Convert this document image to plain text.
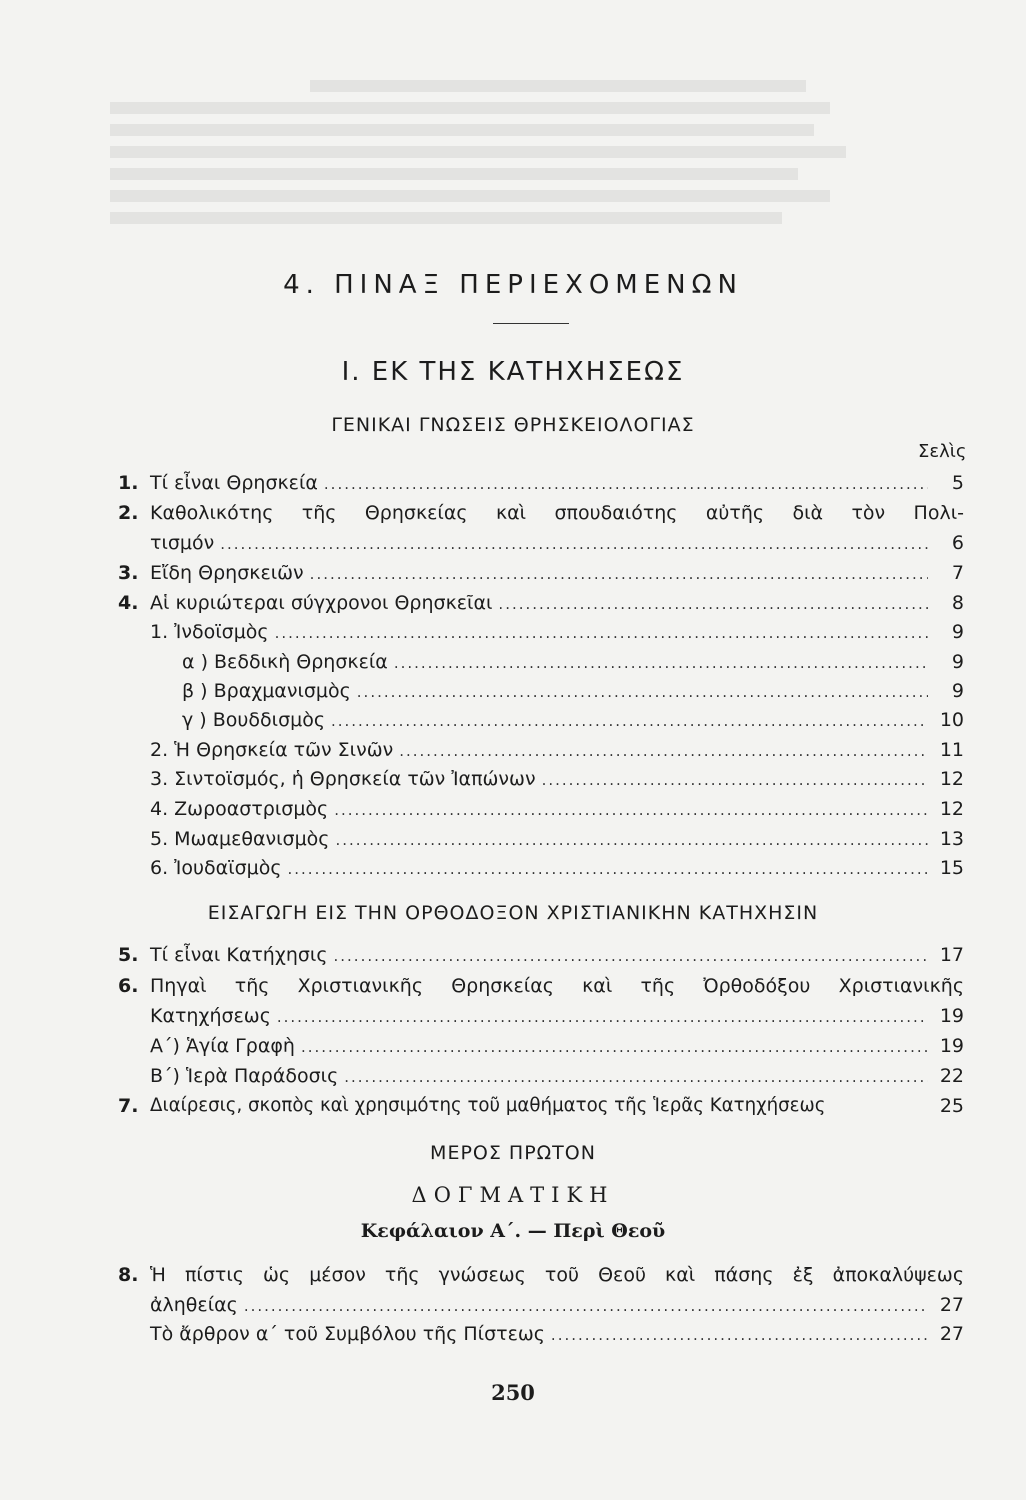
4. ΠΙΝΑΞ ΠΕΡΙΕΧΟΜΕΝΩΝ
Ι. ΕΚ ΤΗΣ ΚΑΤΗΧΗΣΕΩΣ
ΓΕΝΙΚΑΙ ΓΝΩΣΕΙΣ ΘΡΗΣΚΕΙΟΛΟΓΙΑΣ
Σελὶς
1. Τί εἶναι Θρησκεία .....	5
2. Καθολικότης τῆς Θρησκείας καὶ σπουδαιότης αὐτῆς διὰ τὸν Πολι-
τισμόν .....	6
3. Εἴδη Θρησκειῶν .....	7
4. Αἱ κυριώτεραι σύγχρονοι Θρησκεῖαι .....	8
1. Ἰνδοϊσμὸς .....	9
α ) Βεδδικὴ Θρησκεία .....	9
β ) Βραχμανισμὸς .....	9
γ ) Βουδδισμὸς .....	10
2. Ἡ Θρησκεία τῶν Σινῶν .....	11
3. Σιντοϊσμός, ἡ Θρησκεία τῶν Ἰαπώνων .....	12
4. Ζωροαστρισμὸς .....	12
5. Μωαμεθανισμὸς .....	13
6. Ἰουδαϊσμὸς .....	15
ΕΙΣΑΓΩΓΗ ΕΙΣ ΤΗΝ ΟΡΘΟΔΟΞΟΝ ΧΡΙΣΤΙΑΝΙΚΗΝ ΚΑΤΗΧΗΣΙΝ
5. Τί εἶναι Κατήχησις .....	17
6. Πηγαὶ τῆς Χριστιανικῆς Θρησκείας καὶ τῆς Ὀρθοδόξου Χριστιανικῆς
Κατηχήσεως .....	19
Α΄) Ἁγία Γραφὴ .....	19
Β΄) Ἱερὰ Παράδοσις .....	22
7. Διαίρεσις, σκοπὸς καὶ χρησιμότης τοῦ μαθήματος τῆς Ἱερᾶς Κατηχήσεως	25
ΜΕΡΟΣ ΠΡΩΤΟΝ
ΔΟΓΜΑΤΙΚΗ
Κεφάλαιον Α΄. — Περὶ Θεοῦ
8. Ἡ πίστις ὡς μέσον τῆς γνώσεως τοῦ Θεοῦ καὶ πάσης ἐξ ἀποκαλύψεως
ἀληθείας .....	27
Τὸ ἄρθρον α΄ τοῦ Συμβόλου τῆς Πίστεως .....	27
250
